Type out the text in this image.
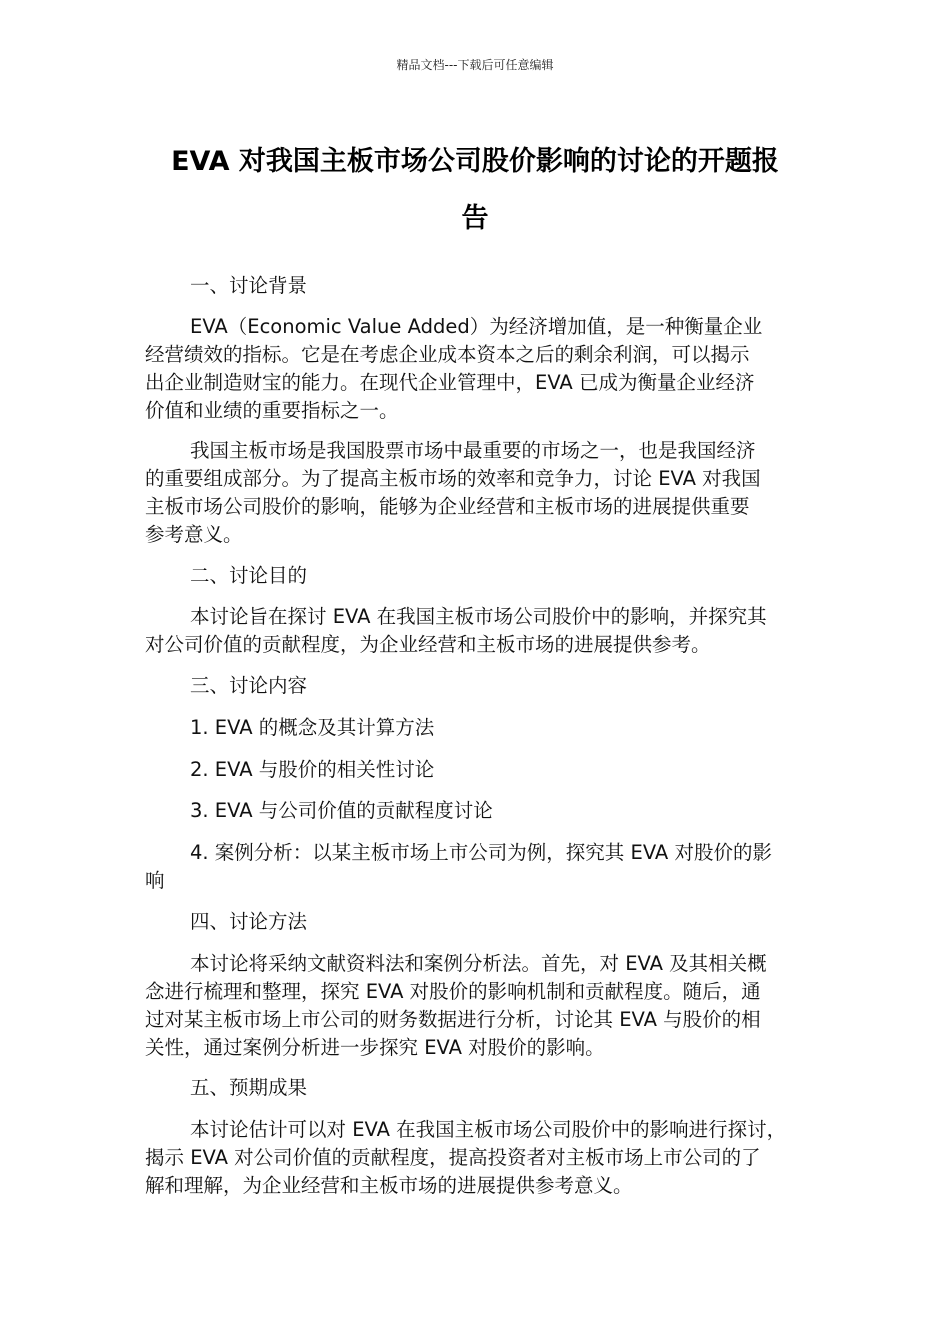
精品文档---下载后可任意编辑
EVA 对我国主板市场公司股价影响的讨论的开题报
告
一、讨论背景
EVA（Economic Value Added）为经济增加值，是一种衡量企业
经营绩效的指标。它是在考虑企业成本资本之后的剩余利润，可以揭示
出企业制造财宝的能力。在现代企业管理中，EVA 已成为衡量企业经济
价值和业绩的重要指标之一。
我国主板市场是我国股票市场中最重要的市场之一，也是我国经济
的重要组成部分。为了提高主板市场的效率和竞争力，讨论 EVA 对我国
主板市场公司股价的影响，能够为企业经营和主板市场的进展提供重要
参考意义。
二、讨论目的
本讨论旨在探讨 EVA 在我国主板市场公司股价中的影响，并探究其
对公司价值的贡献程度，为企业经营和主板市场的进展提供参考。
三、讨论内容
1. EVA 的概念及其计算方法
2. EVA 与股价的相关性讨论
3. EVA 与公司价值的贡献程度讨论
4. 案例分析：以某主板市场上市公司为例，探究其 EVA 对股价的影
响
四、讨论方法
本讨论将采纳文献资料法和案例分析法。首先，对 EVA 及其相关概
念进行梳理和整理，探究 EVA 对股价的影响机制和贡献程度。随后，通
过对某主板市场上市公司的财务数据进行分析，讨论其 EVA 与股价的相
关性，通过案例分析进一步探究 EVA 对股价的影响。
五、预期成果
本讨论估计可以对 EVA 在我国主板市场公司股价中的影响进行探讨，
揭示 EVA 对公司价值的贡献程度，提高投资者对主板市场上市公司的了
解和理解，为企业经营和主板市场的进展提供参考意义。
